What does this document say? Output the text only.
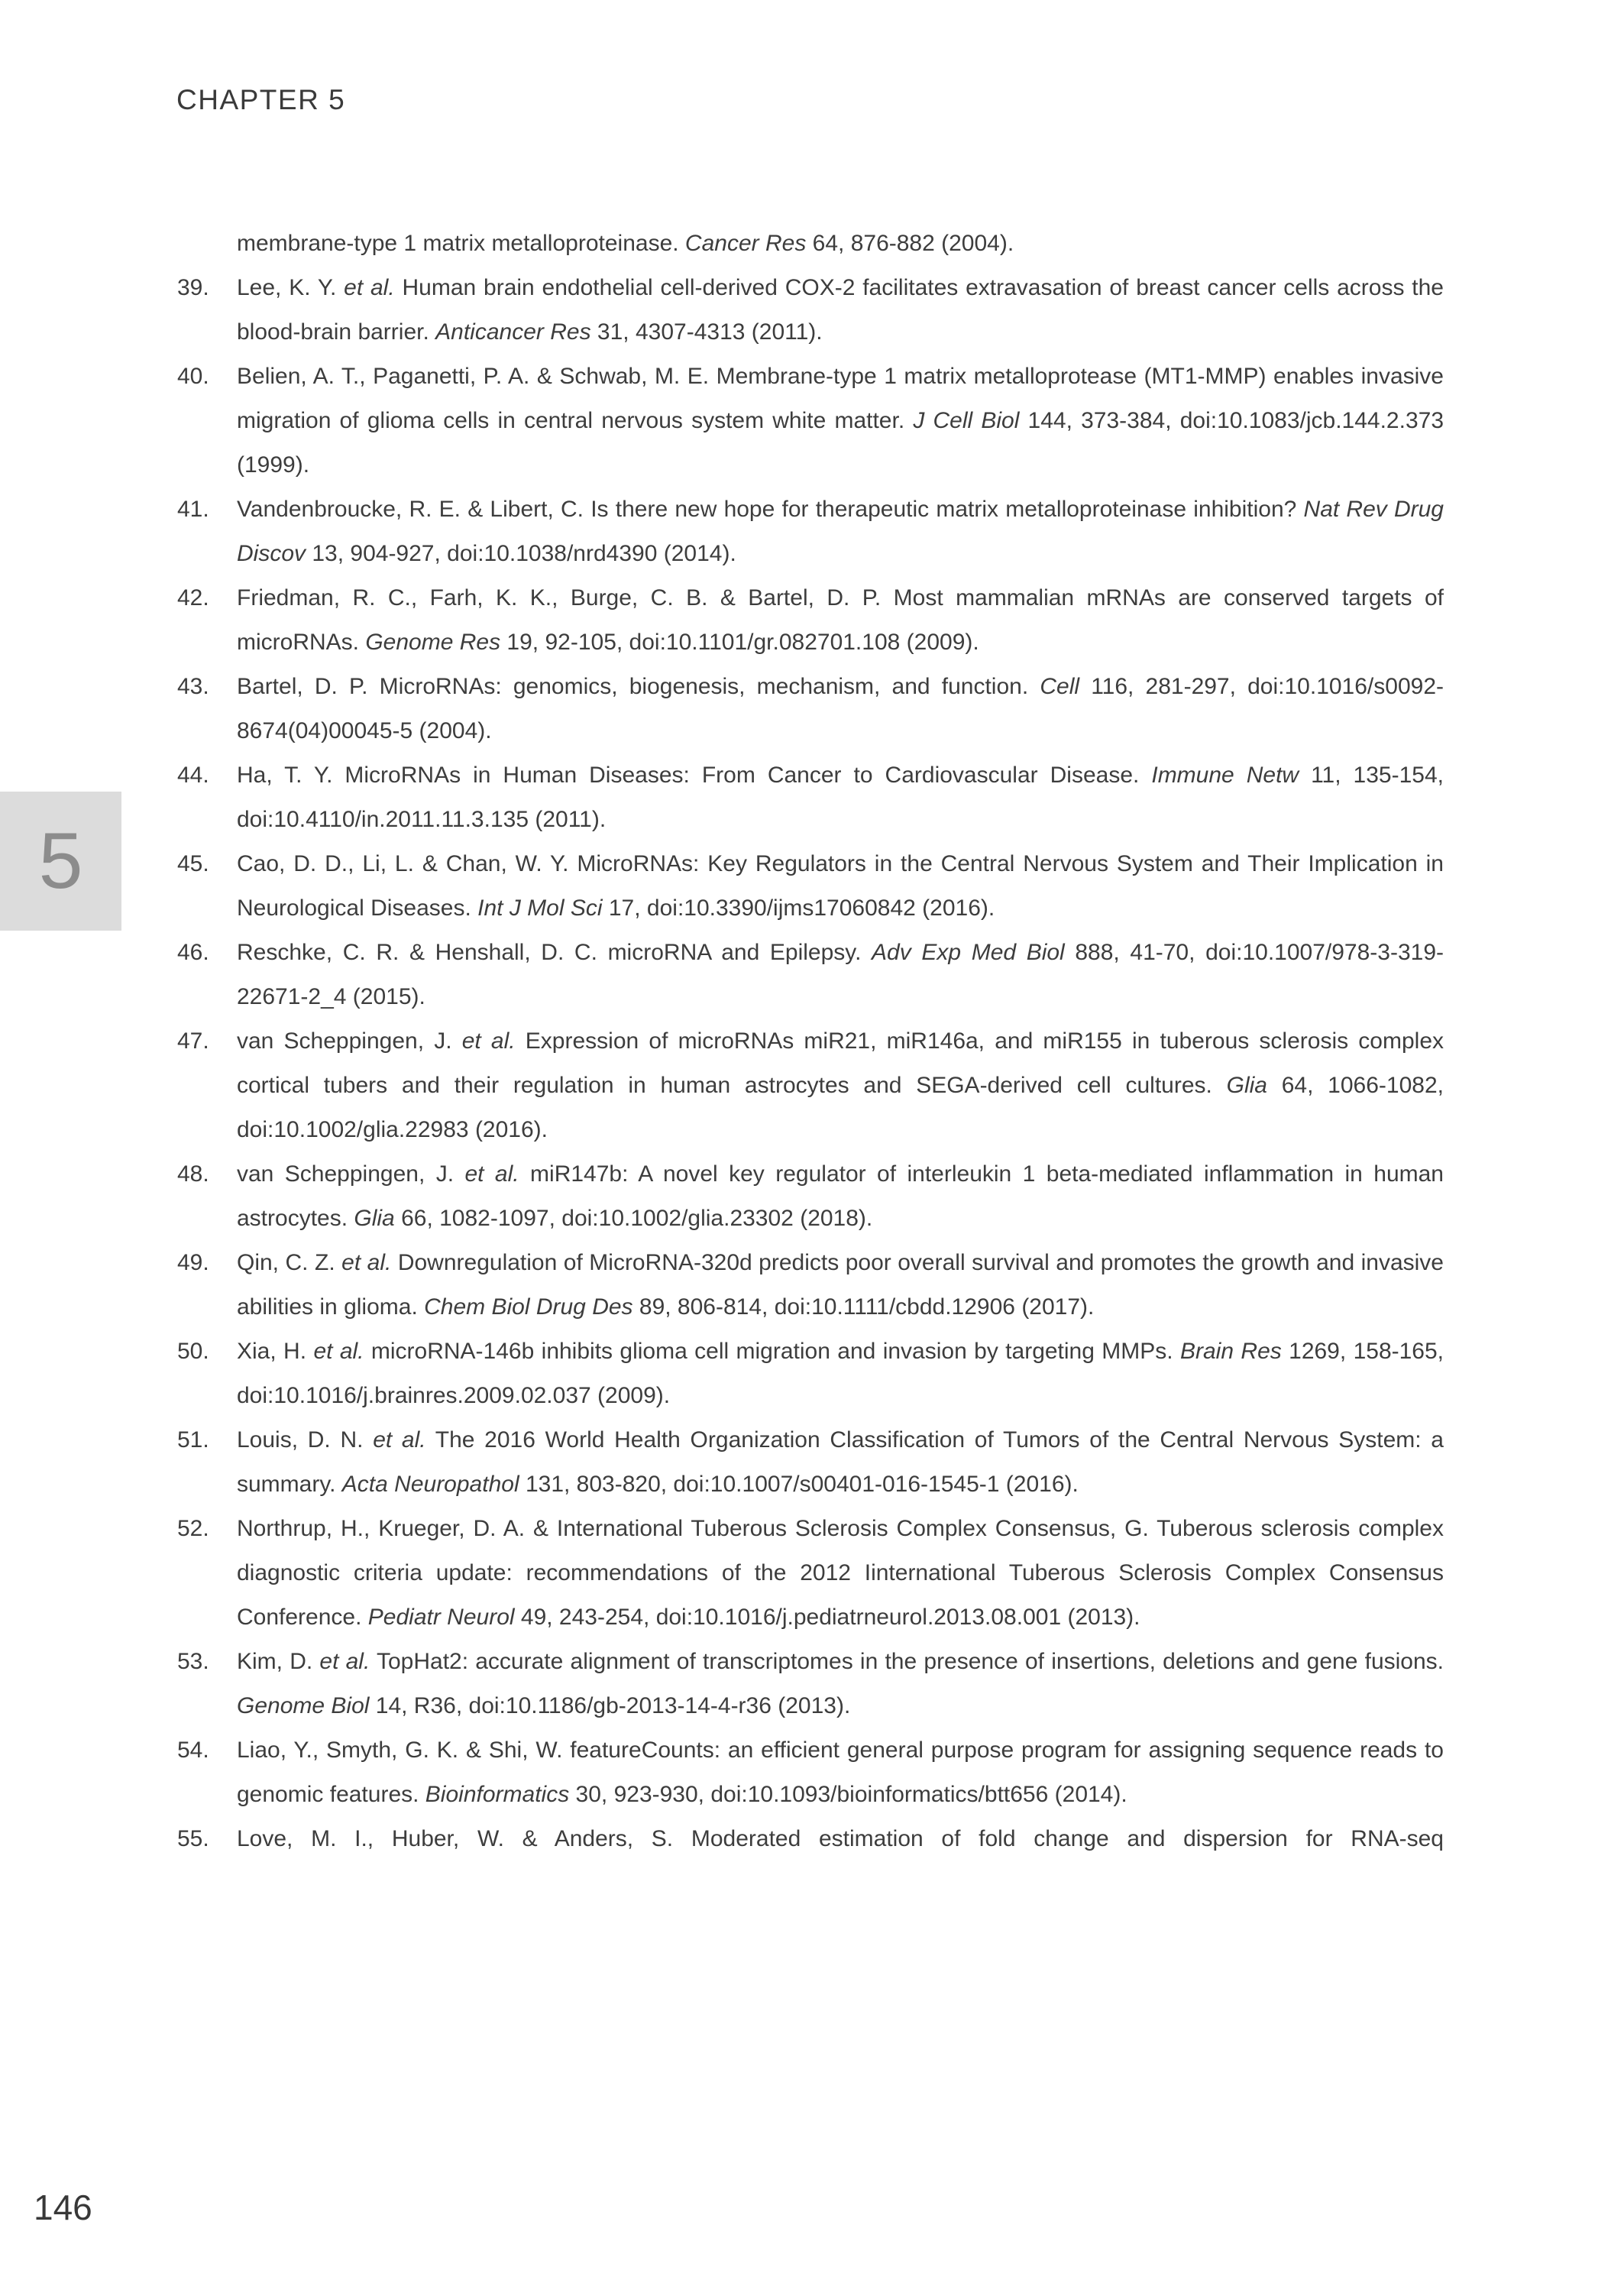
CHAPTER 5
5
membrane-type 1 matrix metalloproteinase. Cancer Res 64, 876-882 (2004).
39. Lee, K. Y. et al. Human brain endothelial cell-derived COX-2 facilitates extravasation of breast cancer cells across the blood-brain barrier. Anticancer Res 31, 4307-4313 (2011).
40. Belien, A. T., Paganetti, P. A. & Schwab, M. E. Membrane-type 1 matrix metalloprotease (MT1-MMP) enables invasive migration of glioma cells in central nervous system white matter. J Cell Biol 144, 373-384, doi:10.1083/jcb.144.2.373 (1999).
41. Vandenbroucke, R. E. & Libert, C. Is there new hope for therapeutic matrix metalloproteinase inhibition? Nat Rev Drug Discov 13, 904-927, doi:10.1038/nrd4390 (2014).
42. Friedman, R. C., Farh, K. K., Burge, C. B. & Bartel, D. P. Most mammalian mRNAs are conserved targets of microRNAs. Genome Res 19, 92-105, doi:10.1101/gr.082701.108 (2009).
43. Bartel, D. P. MicroRNAs: genomics, biogenesis, mechanism, and function. Cell 116, 281-297, doi:10.1016/s0092-8674(04)00045-5 (2004).
44. Ha, T. Y. MicroRNAs in Human Diseases: From Cancer to Cardiovascular Disease. Immune Netw 11, 135-154, doi:10.4110/in.2011.11.3.135 (2011).
45. Cao, D. D., Li, L. & Chan, W. Y. MicroRNAs: Key Regulators in the Central Nervous System and Their Implication in Neurological Diseases. Int J Mol Sci 17, doi:10.3390/ijms17060842 (2016).
46. Reschke, C. R. & Henshall, D. C. microRNA and Epilepsy. Adv Exp Med Biol 888, 41-70, doi:10.1007/978-3-319-22671-2_4 (2015).
47. van Scheppingen, J. et al. Expression of microRNAs miR21, miR146a, and miR155 in tuberous sclerosis complex cortical tubers and their regulation in human astrocytes and SEGA-derived cell cultures. Glia 64, 1066-1082, doi:10.1002/glia.22983 (2016).
48. van Scheppingen, J. et al. miR147b: A novel key regulator of interleukin 1 beta-mediated inflammation in human astrocytes. Glia 66, 1082-1097, doi:10.1002/glia.23302 (2018).
49. Qin, C. Z. et al. Downregulation of MicroRNA-320d predicts poor overall survival and promotes the growth and invasive abilities in glioma. Chem Biol Drug Des 89, 806-814, doi:10.1111/cbdd.12906 (2017).
50. Xia, H. et al. microRNA-146b inhibits glioma cell migration and invasion by targeting MMPs. Brain Res 1269, 158-165, doi:10.1016/j.brainres.2009.02.037 (2009).
51. Louis, D. N. et al. The 2016 World Health Organization Classification of Tumors of the Central Nervous System: a summary. Acta Neuropathol 131, 803-820, doi:10.1007/s00401-016-1545-1 (2016).
52. Northrup, H., Krueger, D. A. & International Tuberous Sclerosis Complex Consensus, G. Tuberous sclerosis complex diagnostic criteria update: recommendations of the 2012 Iinternational Tuberous Sclerosis Complex Consensus Conference. Pediatr Neurol 49, 243-254, doi:10.1016/j.pediatrneurol.2013.08.001 (2013).
53. Kim, D. et al. TopHat2: accurate alignment of transcriptomes in the presence of insertions, deletions and gene fusions. Genome Biol 14, R36, doi:10.1186/gb-2013-14-4-r36 (2013).
54. Liao, Y., Smyth, G. K. & Shi, W. featureCounts: an efficient general purpose program for assigning sequence reads to genomic features. Bioinformatics 30, 923-930, doi:10.1093/bioinformatics/btt656 (2014).
55. Love, M. I., Huber, W. & Anders, S. Moderated estimation of fold change and dispersion for RNA-seq
146
